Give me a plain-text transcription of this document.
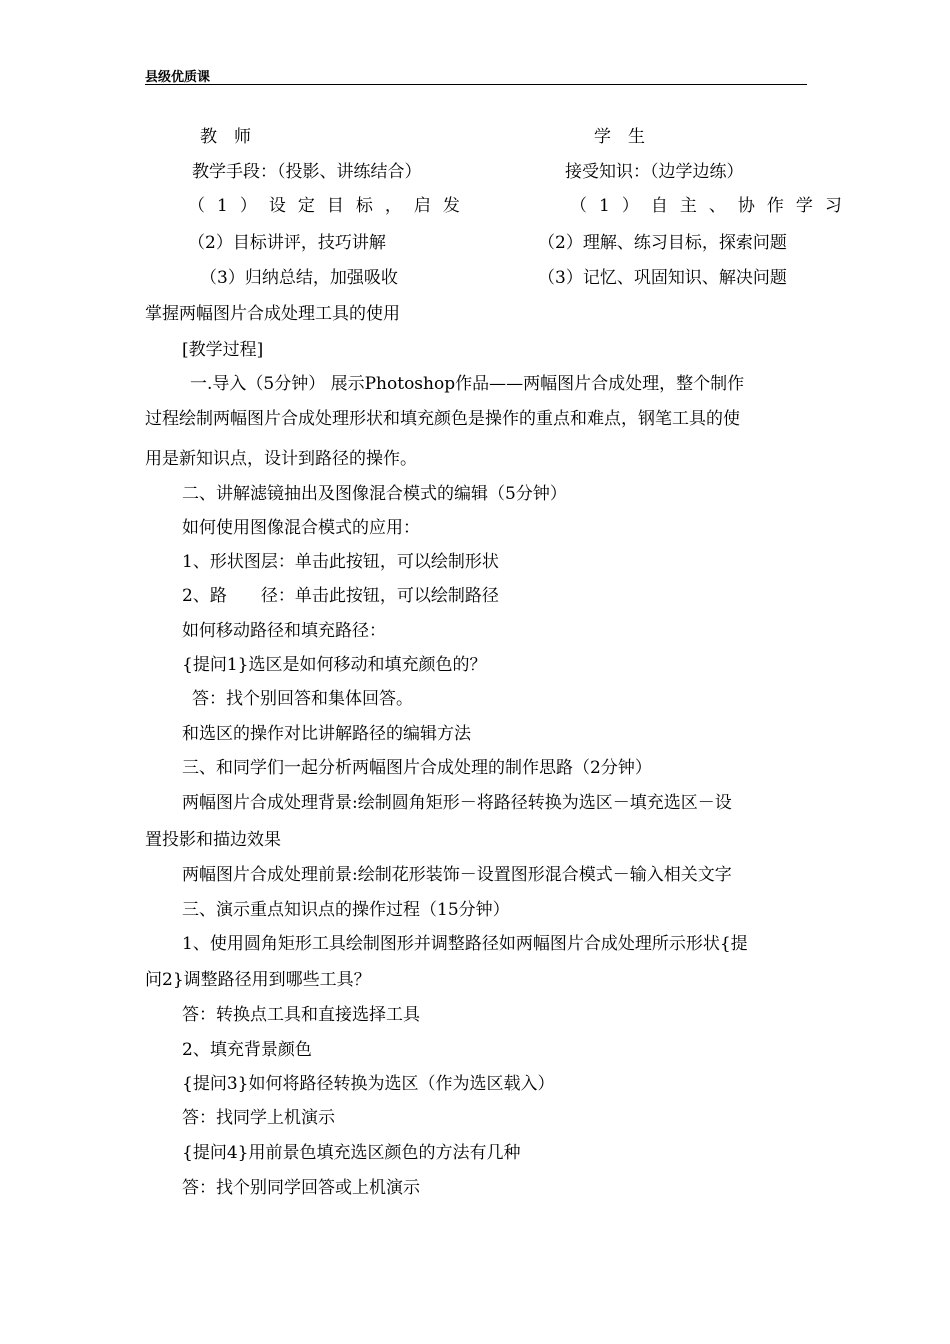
县级优质课
教　师	学　生
教学手段：（投影、讲练结合）	接受知识：（边学边练）
（1）设定目标，启发	（1）自主、协作学习
（2）目标讲评，技巧讲解	（2）理解、练习目标，探索问题
（3）归纳总结，加强吸收	（3）记忆、巩固知识、解决问题
掌握两幅图片合成处理工具的使用
[教学过程]
一.导入（5分钟） 展示Photoshop作品——两幅图片合成处理，整个制作
过程绘制两幅图片合成处理形状和填充颜色是操作的重点和难点，钢笔工具的使
用是新知识点，设计到路径的操作。
二、讲解滤镜抽出及图像混合模式的编辑（5分钟）
如何使用图像混合模式的应用：
1、形状图层：单击此按钮，可以绘制形状
2、路　　径：单击此按钮，可以绘制路径
如何移动路径和填充路径：
{提问1}选区是如何移动和填充颜色的？
答：找个别回答和集体回答。
和选区的操作对比讲解路径的编辑方法
三、和同学们一起分析两幅图片合成处理的制作思路（2分钟）
两幅图片合成处理背景:绘制圆角矩形－将路径转换为选区－填充选区－设
置投影和描边效果
两幅图片合成处理前景:绘制花形装饰－设置图形混合模式－输入相关文字
三、演示重点知识点的操作过程（15分钟）
1、使用圆角矩形工具绘制图形并调整路径如两幅图片合成处理所示形状{提
问2}调整路径用到哪些工具？
答：转换点工具和直接选择工具
2、填充背景颜色
{提问3}如何将路径转换为选区（作为选区载入）
答：找同学上机演示
{提问4}用前景色填充选区颜色的方法有几种
答：找个别同学回答或上机演示
